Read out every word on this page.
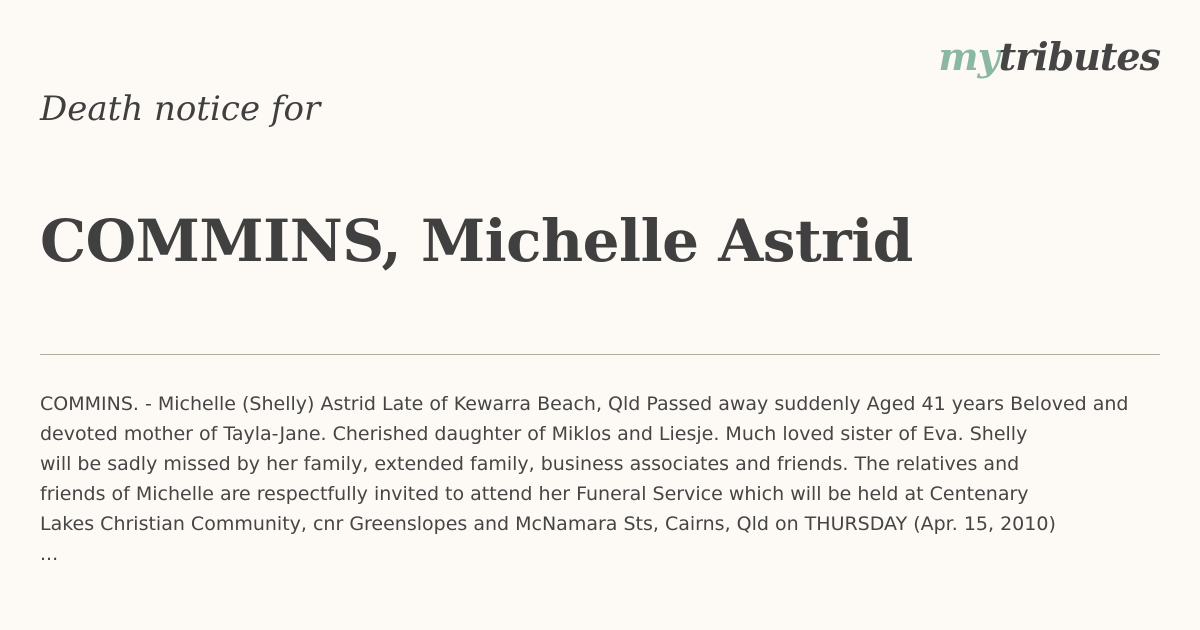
mytributes
Death notice for
COMMINS, Michelle Astrid
COMMINS. - Michelle (Shelly) Astrid Late of Kewarra Beach, Qld Passed away suddenly Aged 41 years Beloved and
devoted mother of Tayla-Jane. Cherished daughter of Miklos and Liesje. Much loved sister of Eva. Shelly
will be sadly missed by her family, extended family, business associates and friends. The relatives and
friends of Michelle are respectfully invited to attend her Funeral Service which will be held at Centenary
Lakes Christian Community, cnr Greenslopes and McNamara Sts, Cairns, Qld on THURSDAY (Apr. 15, 2010)
...
